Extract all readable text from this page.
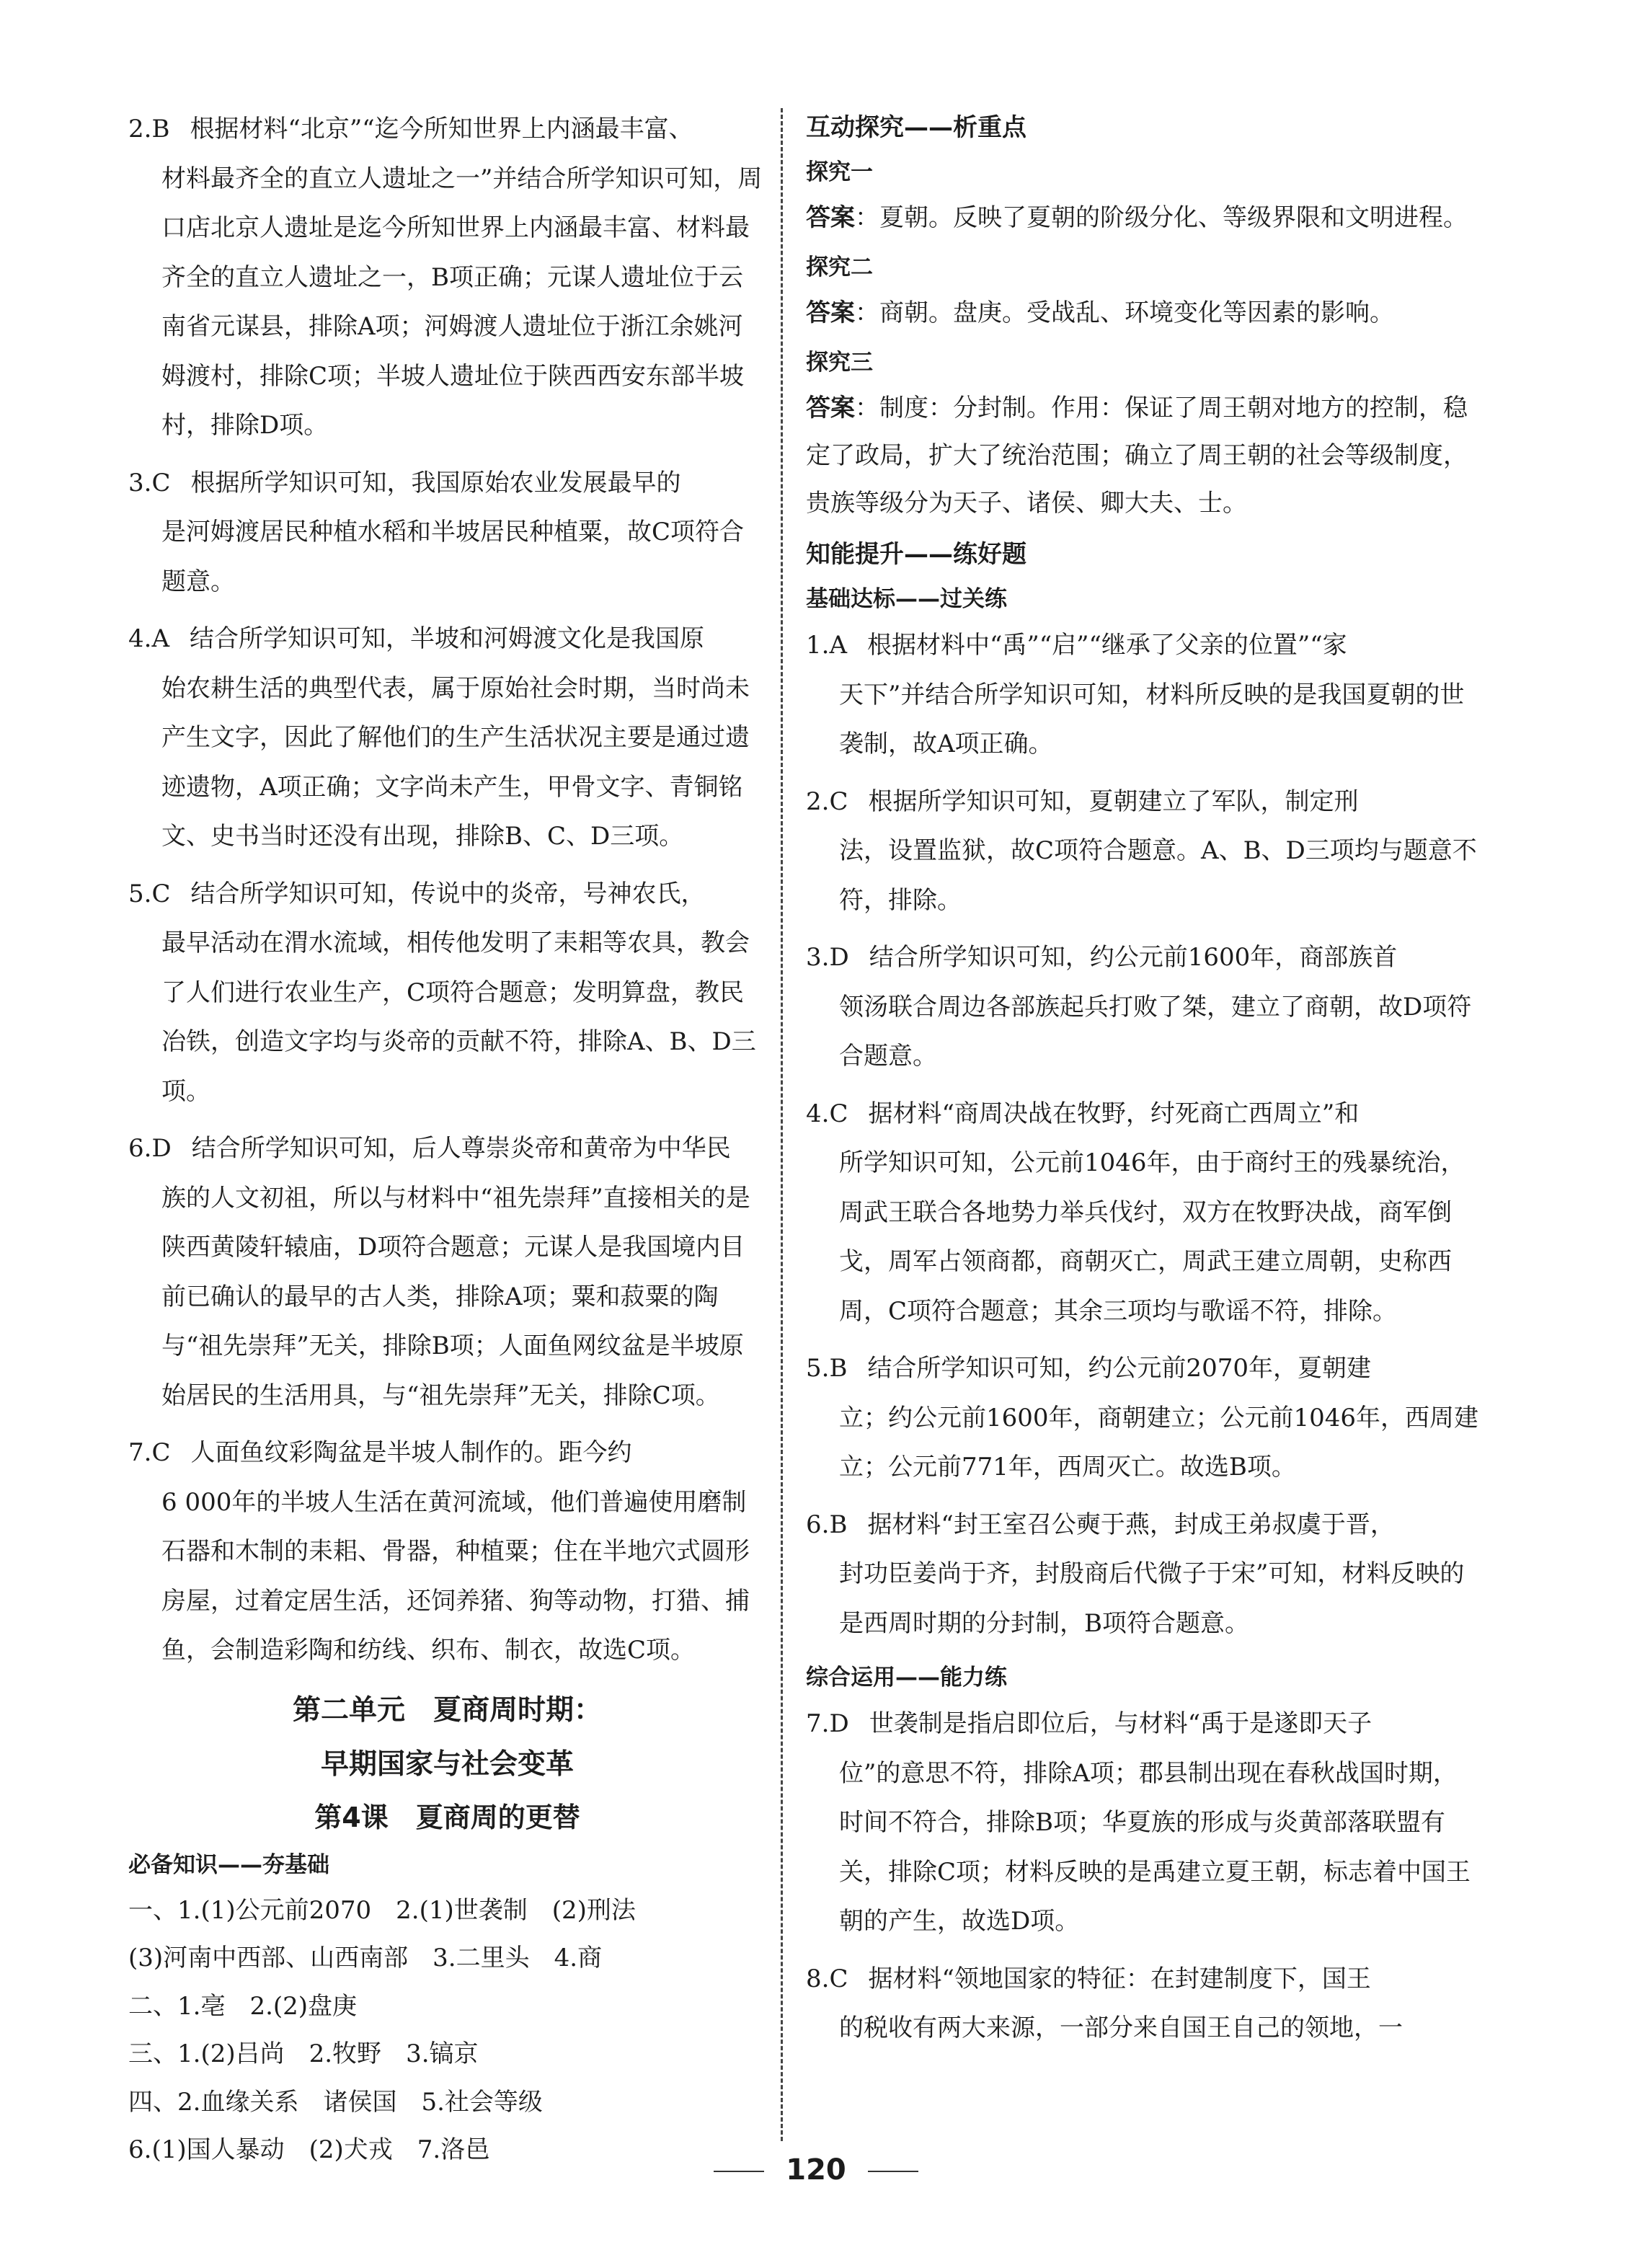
2.B 根据材料“北京”“迄今所知世界上内涵最丰富、
材料最齐全的直立人遗址之一”并结合所学知识可知，周口店北京人遗址是迄今所知世界上内涵最丰富、材料最齐全的直立人遗址之一，B项正确；元谋人遗址位于云南省元谋县，排除A项；河姆渡人遗址位于浙江余姚河姆渡村，排除C项；半坡人遗址位于陕西西安东部半坡村，排除D项。
3.C 根据所学知识可知，我国原始农业发展最早的
是河姆渡居民种植水稻和半坡居民种植粟，故C项符合题意。
4.A 结合所学知识可知，半坡和河姆渡文化是我国原
始农耕生活的典型代表，属于原始社会时期，当时尚未产生文字，因此了解他们的生产生活状况主要是通过遗迹遗物，A项正确；文字尚未产生，甲骨文字、青铜铭文、史书当时还没有出现，排除B、C、D三项。
5.C 结合所学知识可知，传说中的炎帝，号神农氏，
最早活动在渭水流域，相传他发明了耒耜等农具，教会了人们进行农业生产，C项符合题意；发明算盘，教民冶铁，创造文字均与炎帝的贡献不符，排除A、B、D三项。
6.D 结合所学知识可知，后人尊崇炎帝和黄帝为中华民
族的人文初祖，所以与材料中“祖先崇拜”直接相关的是陕西黄陵轩辕庙，D项符合题意；元谋人是我国境内目前已确认的最早的古人类，排除A项；粟和菽粟的陶与“祖先崇拜”无关，排除B项；人面鱼网纹盆是半坡原始居民的生活用具，与“祖先崇拜”无关，排除C项。
7.C 人面鱼纹彩陶盆是半坡人制作的。距今约
6 000年的半坡人生活在黄河流域，他们普遍使用磨制石器和木制的耒耜、骨器，种植粟；住在半地穴式圆形房屋，过着定居生活，还饲养猪、狗等动物，打猎、捕鱼，会制造彩陶和纺线、织布、制衣，故选C项。
第二单元　夏商周时期：
早期国家与社会变革
第4课　夏商周的更替
必备知识——夯基础
一、1.(1)公元前2070 2.(1)世袭制 (2)刑法
(3)河南中西部、山西南部 3.二里头 4.商
二、1.亳 2.(2)盘庚
三、1.(2)吕尚 2.牧野 3.镐京
四、2.血缘关系 诸侯国 5.社会等级
6.(1)国人暴动 (2)犬戎 7.洛邑
互动探究——析重点
探究一
答案：夏朝。反映了夏朝的阶级分化、等级界限和文明进程。
探究二
答案：商朝。盘庚。受战乱、环境变化等因素的影响。
探究三
答案：制度：分封制。作用：保证了周王朝对地方的控制，稳定了政局，扩大了统治范围；确立了周王朝的社会等级制度，贵族等级分为天子、诸侯、卿大夫、士。
知能提升——练好题
基础达标——过关练
1.A 根据材料中“禹”“启”“继承了父亲的位置”“家
天下”并结合所学知识可知，材料所反映的是我国夏朝的世袭制，故A项正确。
2.C 根据所学知识可知，夏朝建立了军队，制定刑
法，设置监狱，故C项符合题意。A、B、D三项均与题意不符，排除。
3.D 结合所学知识可知，约公元前1600年，商部族首
领汤联合周边各部族起兵打败了桀，建立了商朝，故D项符合题意。
4.C 据材料“商周决战在牧野，纣死商亡西周立”和
所学知识可知，公元前1046年，由于商纣王的残暴统治，周武王联合各地势力举兵伐纣，双方在牧野决战，商军倒戈，周军占领商都，商朝灭亡，周武王建立周朝，史称西周，C项符合题意；其余三项均与歌谣不符，排除。
5.B 结合所学知识可知，约公元前2070年，夏朝建
立；约公元前1600年，商朝建立；公元前1046年，西周建立；公元前771年，西周灭亡。故选B项。
6.B 据材料“封王室召公奭于燕，封成王弟叔虞于晋，
封功臣姜尚于齐，封殷商后代微子于宋”可知，材料反映的是西周时期的分封制，B项符合题意。
综合运用——能力练
7.D 世袭制是指启即位后，与材料“禹于是遂即天子
位”的意思不符，排除A项；郡县制出现在春秋战国时期，时间不符合，排除B项；华夏族的形成与炎黄部落联盟有关，排除C项；材料反映的是禹建立夏王朝，标志着中国王朝的产生，故选D项。
8.C 据材料“领地国家的特征：在封建制度下，国王
的税收有两大来源，一部分来自国王自己的领地，一
120
